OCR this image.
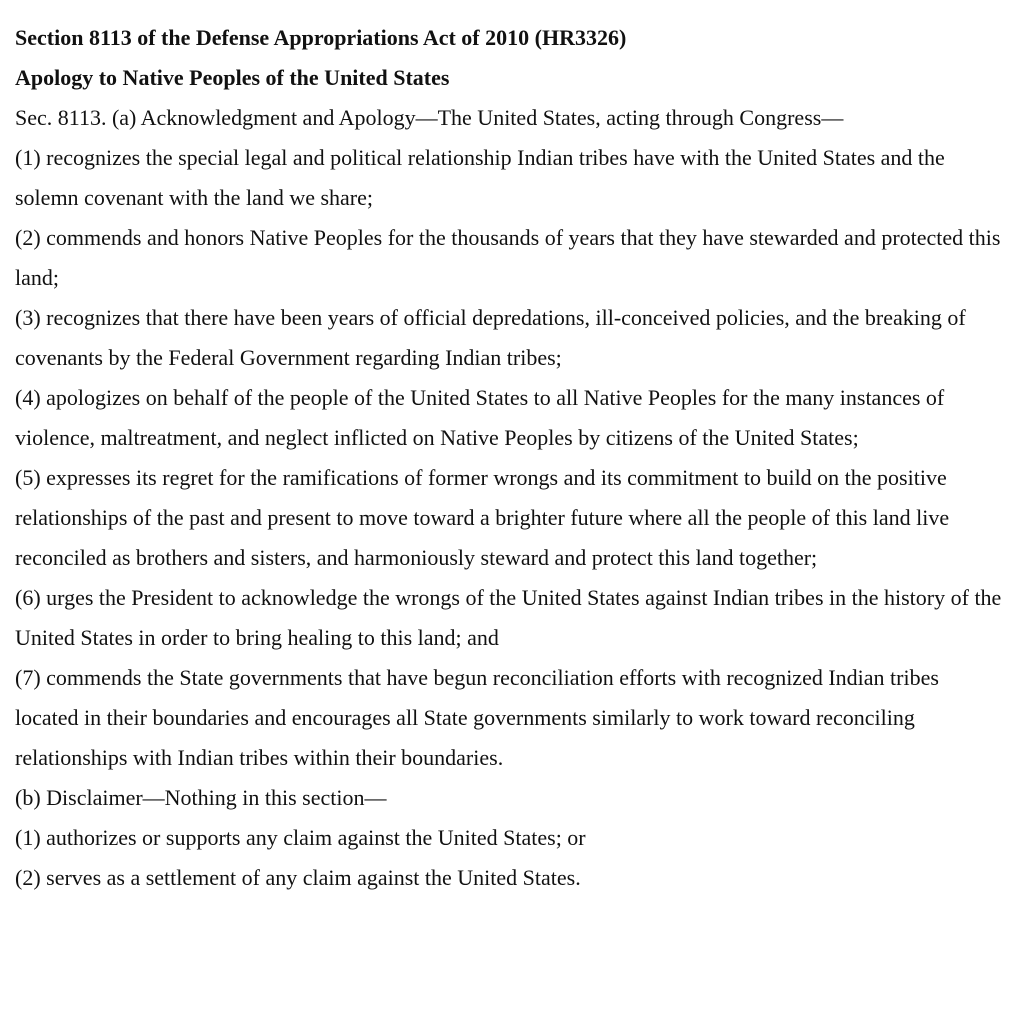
Section 8113 of the Defense Appropriations Act of 2010 (HR3326)

Apology to Native Peoples of the United States

Sec. 8113. (a) Acknowledgment and Apology—The United States, acting through Congress—

(1) recognizes the special legal and political relationship Indian tribes have with the United States and the solemn covenant with the land we share;

(2) commends and honors Native Peoples for the thousands of years that they have stewarded and protected this land;

(3) recognizes that there have been years of official depredations, ill-conceived policies, and the breaking of covenants by the Federal Government regarding Indian tribes;

(4) apologizes on behalf of the people of the United States to all Native Peoples for the many instances of violence, maltreatment, and neglect inflicted on Native Peoples by citizens of the United States;

(5) expresses its regret for the ramifications of former wrongs and its commitment to build on the positive relationships of the past and present to move toward a brighter future where all the people of this land live reconciled as brothers and sisters, and harmoniously steward and protect this land together;

(6) urges the President to acknowledge the wrongs of the United States against Indian tribes in the history of the United States in order to bring healing to this land; and

(7) commends the State governments that have begun reconciliation efforts with recognized Indian tribes located in their boundaries and encourages all State governments similarly to work toward reconciling relationships with Indian tribes within their boundaries.

(b) Disclaimer—Nothing in this section—

(1) authorizes or supports any claim against the United States; or

(2) serves as a settlement of any claim against the United States.
